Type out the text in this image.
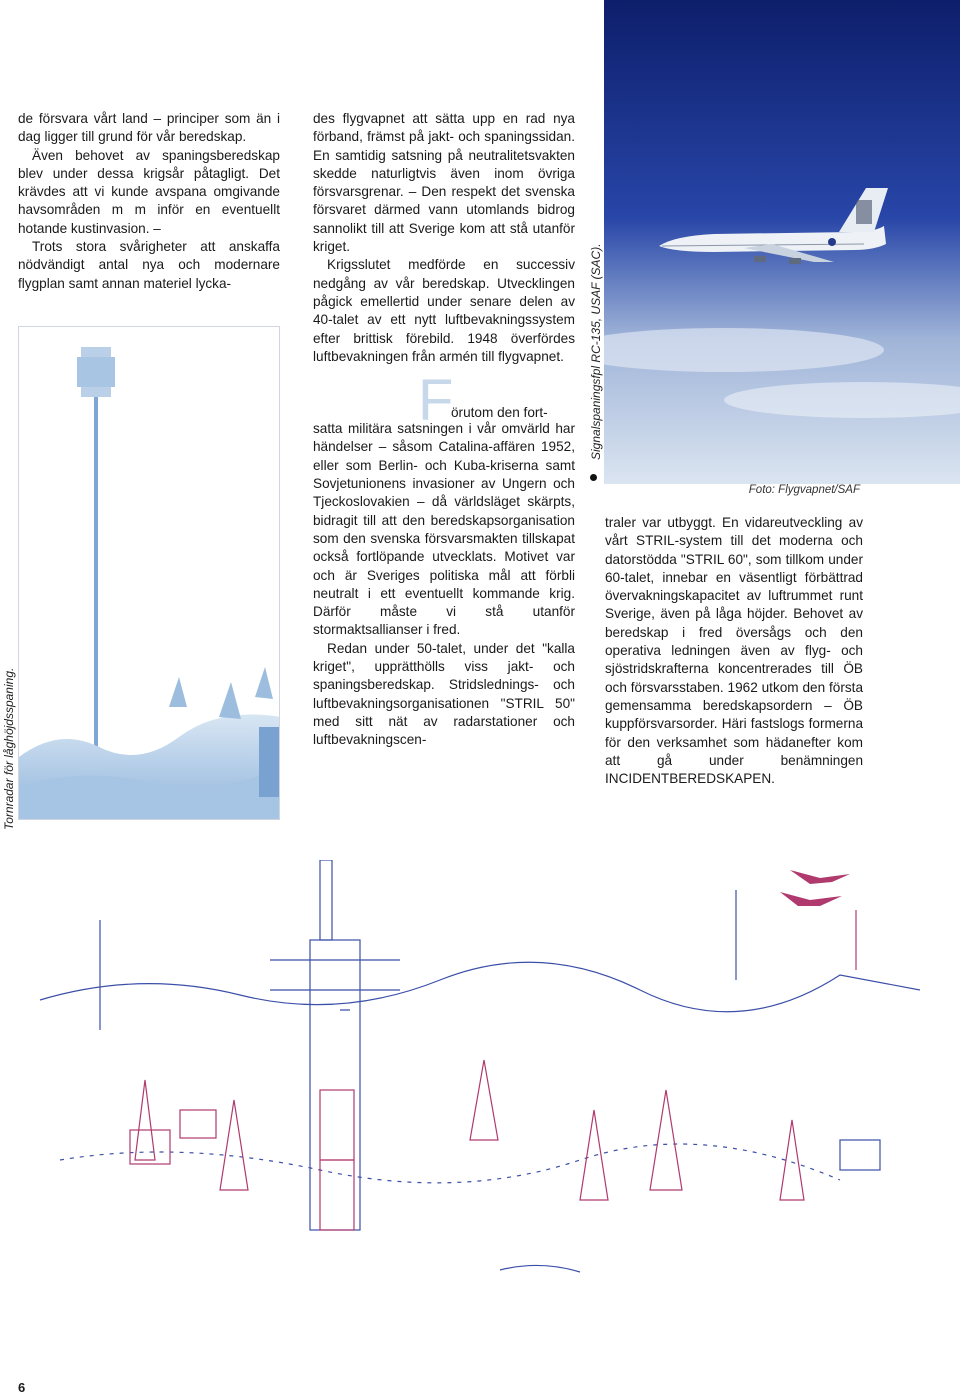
de försvara vårt land – principer som än i dag ligger till grund för vår beredskap.

Även behovet av spaningsberedskap blev under dessa krigsår påtagligt. Det krävdes att vi kunde avspana omgivande havsområden m m inför en eventuellt hotande kustinvasion. –

Trots stora svårigheter att anskaffa nödvändigt antal nya och modernare flygplan samt annan materiel lycka-

des flygvapnet att sätta upp en rad nya förband, främst på jakt- och spaningssidan. En samtidig satsning på neutralitetsvakten skedde naturligtvis även inom övriga försvarsgrenar. – Den respekt det svenska försvaret därmed vann utomlands bidrog sannolikt till att Sverige kom att stå utanför kriget.

Krigsslutet medförde en successiv nedgång av vår beredskap. Utvecklingen pågick emellertid under senare delen av 40-talet av ett nytt luftbevakningssystem efter brittisk förebild. 1948 överfördes luftbevakningen från armén till flygvapnet.

F
örutom den fort-

satta militära satsningen i vår omvärld har händelser – såsom Catalina-affären 1952, eller som Berlin- och Kuba-kriserna samt Sovjetunionens invasioner av Ungern och Tjeckoslovakien – då världsläget skärpts, bidragit till att den beredskapsorganisation som den svenska försvarsmakten tillskapat också fortlöpande utvecklats. Motivet var och är Sveriges politiska mål att förbli neutralt i ett eventuellt kommande krig. Därför måste vi stå utanför stormaktsallianser i fred.

Redan under 50-talet, under det "kalla kriget", upprätthölls viss jakt- och spaningsberedskap. Stridslednings- och luftbevakningsorganisationen "STRIL 50" med sitt nät av radarstationer och luftbevakningscen-

Signalspaningsfpl RC-135, USAF (SAC).
Foto: Flygvapnet/SAF

traler var utbyggt. En vidareutveckling av vårt STRIL-system till det moderna och datorstödda "STRIL 60", som tillkom under 60-talet, innebar en väsentligt förbättrad övervakningskapacitet av luftrummet runt Sverige, även på låga höjder. Behovet av beredskap i fred översågs och den operativa ledningen även av flyg- och sjöstridskrafterna koncentrerades till ÖB och försvarsstaben. 1962 utkom den första gemensamma beredskapsordern – ÖB kuppförsvarsorder. Häri fastslogs formerna för den verksamhet som hädanefter kom att gå under benämningen INCIDENTBEREDSKAPEN.

Tornradar för låghöjdsspaning.
6
